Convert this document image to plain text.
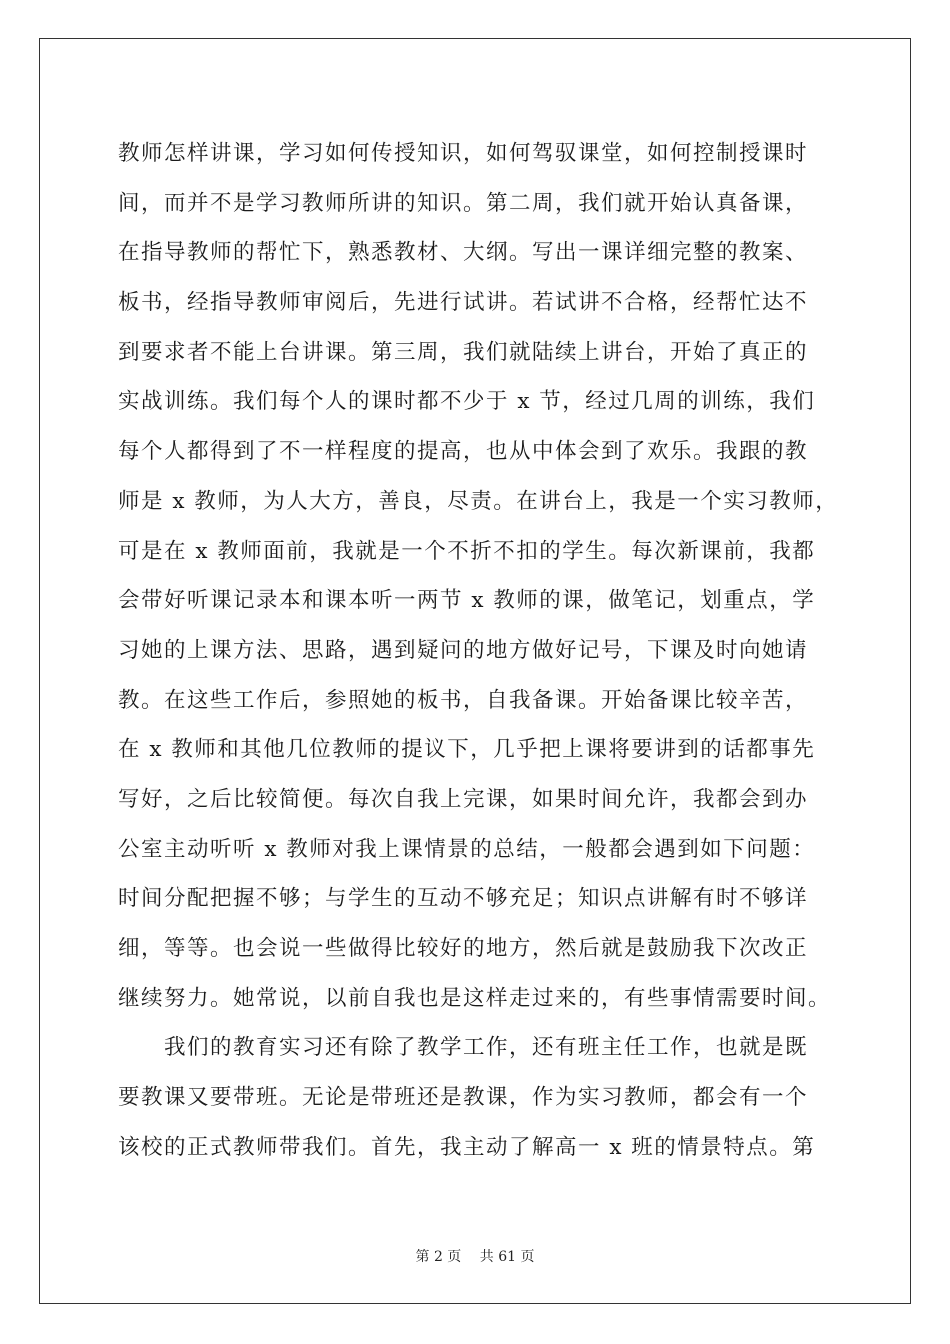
教师怎样讲课，学习如何传授知识，如何驾驭课堂，如何控制授课时
间，而并不是学习教师所讲的知识。第二周，我们就开始认真备课，
在指导教师的帮忙下，熟悉教材、大纲。写出一课详细完整的教案、
板书，经指导教师审阅后，先进行试讲。若试讲不合格，经帮忙达不
到要求者不能上台讲课。第三周，我们就陆续上讲台，开始了真正的
实战训练。我们每个人的课时都不少于 x 节，经过几周的训练，我们
每个人都得到了不一样程度的提高，也从中体会到了欢乐。我跟的教
师是 x 教师，为人大方，善良，尽责。在讲台上，我是一个实习教师，
可是在 x 教师面前，我就是一个不折不扣的学生。每次新课前，我都
会带好听课记录本和课本听一两节 x 教师的课，做笔记，划重点，学
习她的上课方法、思路，遇到疑问的地方做好记号，下课及时向她请
教。在这些工作后，参照她的板书，自我备课。开始备课比较辛苦，
在 x 教师和其他几位教师的提议下，几乎把上课将要讲到的话都事先
写好，之后比较简便。每次自我上完课，如果时间允许，我都会到办
公室主动听听 x 教师对我上课情景的总结，一般都会遇到如下问题：
时间分配把握不够；与学生的互动不够充足；知识点讲解有时不够详
细，等等。也会说一些做得比较好的地方，然后就是鼓励我下次改正
继续努力。她常说，以前自我也是这样走过来的，有些事情需要时间。
　　我们的教育实习还有除了教学工作，还有班主任工作，也就是既
要教课又要带班。无论是带班还是教课，作为实习教师，都会有一个
该校的正式教师带我们。首先，我主动了解高一 x 班的情景特点。第
第 2 页　 共 61 页
